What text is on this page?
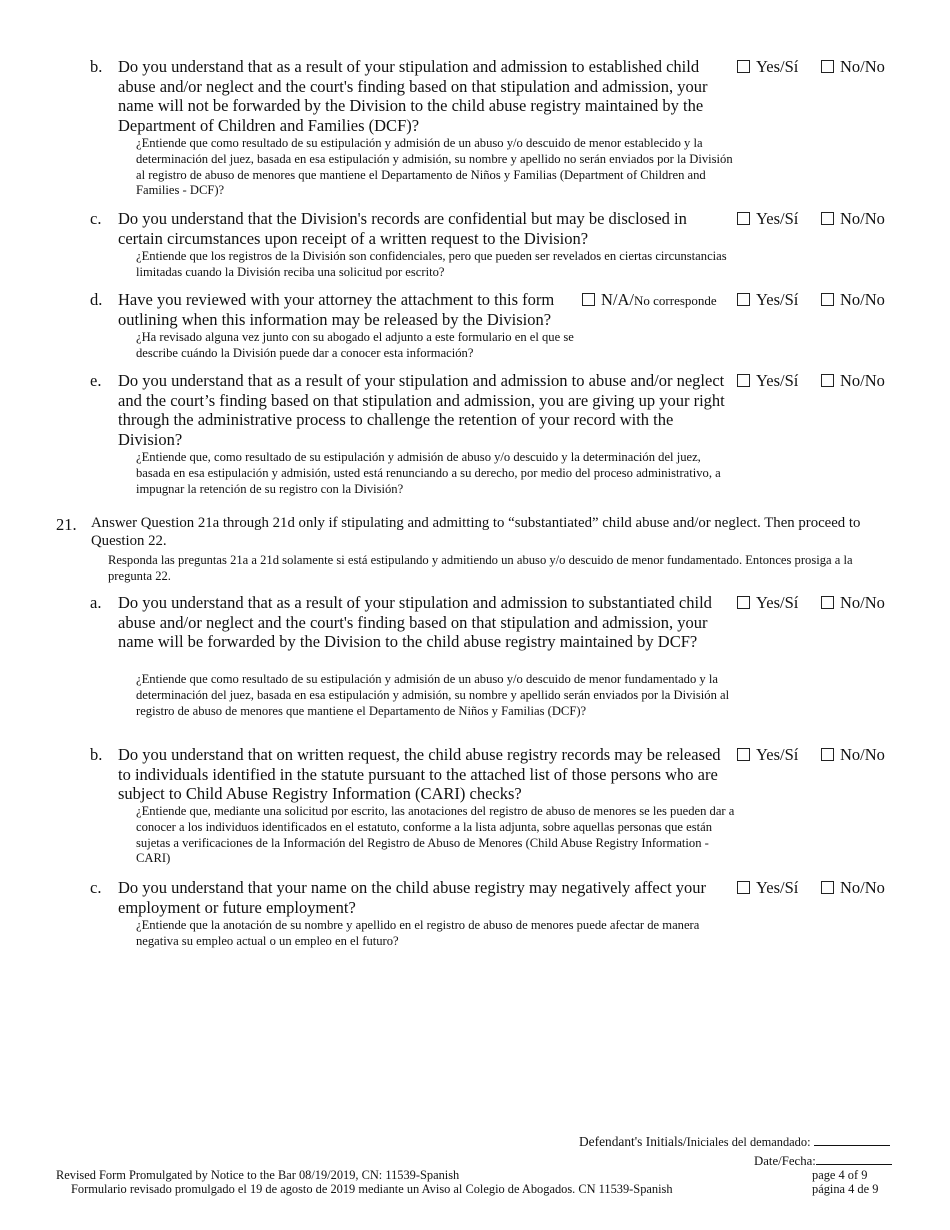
b. Do you understand that as a result of your stipulation and admission to established child abuse and/or neglect and the court's finding based on that stipulation and admission, your name will not be forwarded by the Division to the child abuse registry maintained by the Department of Children and Families (DCF)?
¿Entiende que como resultado de su estipulación y admisión de un abuso y/o descuido de menor establecido y la determinación del juez, basada en esa estipulación y admisión, su nombre y apellido no serán enviados por la División al registro de abuso de menores que mantiene el Departamento de Niños y Familias (Department of Children and Families - DCF)?
Yes/Sí	No/No
c. Do you understand that the Division's records are confidential but may be disclosed in certain circumstances upon receipt of a written request to the Division?
¿Entiende que los registros de la División son confidenciales, pero que pueden ser revelados en ciertas circunstancias limitadas cuando la División reciba una solicitud por escrito?
Yes/Sí	No/No
d. Have you reviewed with your attorney the attachment to this form outlining when this information may be released by the Division?
¿Ha revisado alguna vez junto con su abogado el adjunto a este formulario en el que se describe cuándo la División puede dar a conocer esta información?
N/A/No corresponde	Yes/Sí	No/No
e. Do you understand that as a result of your stipulation and admission to abuse and/or neglect and the court’s finding based on that stipulation and admission, you are giving up your right through the administrative process to challenge the retention of your record with the Division?
¿Entiende que, como resultado de su estipulación y admisión de abuso y/o descuido y la determinación del juez, basada en esa estipulación y admisión, usted está renunciando a su derecho, por medio del proceso administrativo, a impugnar la retención de su registro con la División?
Yes/Sí	No/No
21. Answer Question 21a through 21d only if stipulating and admitting to “substantiated” child abuse and/or neglect. Then proceed to Question 22.
Responda las preguntas 21a a 21d solamente si está estipulando y admitiendo un abuso y/o descuido de menor fundamentado. Entonces prosiga a la pregunta 22.
a. Do you understand that as a result of your stipulation and admission to substantiated child abuse and/or neglect and the court's finding based on that stipulation and admission, your name will be forwarded by the Division to the child abuse registry maintained by DCF?
¿Entiende que como resultado de su estipulación y admisión de un abuso y/o descuido de menor fundamentado y la determinación del juez, basada en esa estipulación y admisión, su nombre y apellido serán enviados por la División al registro de abuso de menores que mantiene el Departamento de Niños y Familias (DCF)?
Yes/Sí	No/No
b. Do you understand that on written request, the child abuse registry records may be released to individuals identified in the statute pursuant to the attached list of those persons who are subject to Child Abuse Registry Information (CARI) checks?
¿Entiende que, mediante una solicitud por escrito, las anotaciones del registro de abuso de menores se les pueden dar a conocer a los individuos identificados en el estatuto, conforme a la lista adjunta, sobre aquellas personas que están sujetas a verificaciones de la Información del Registro de Abuso de Menores (Child Abuse Registry Information - CARI)
Yes/Sí	No/No
c. Do you understand that your name on the child abuse registry may negatively affect your employment or future employment?
¿Entiende que la anotación de su nombre y apellido en el registro de abuso de menores puede afectar de manera negativa su empleo actual o un empleo en el futuro?
Yes/Sí	No/No
Defendant's Initials/Iniciales del demandado:
Date/Fecha:
Revised Form Promulgated by Notice to the Bar 08/19/2019, CN: 11539-Spanish
Formulario revisado promulgado el 19 de agosto de 2019 mediante un Aviso al Colegio de Abogados. CN 11539-Spanish
page 4 of 9
página 4 de 9
